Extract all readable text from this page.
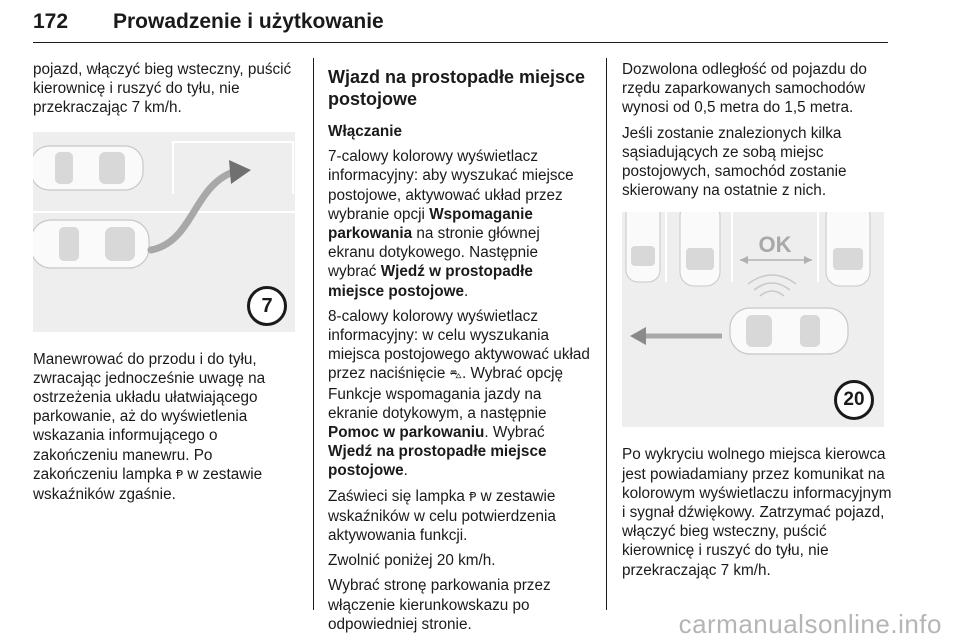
172 Prowadzenie i użytkowanie

pojazd, włączyć bieg wsteczny, puścić kierownicę i ruszyć do tyłu, nie przekraczając 7 km/h.

7

Manewrować do przodu i do tyłu, zwracając jednocześnie uwagę na ostrzeżenia układu ułatwiającego parkowanie, aż do wyświetlenia wskazania informującego o zakończeniu manewru. Po zakończeniu lampka Ᵽ w zestawie wskaźników zgaśnie.

Wjazd na prostopadłe miejsce postojowe

Włączanie

7-calowy kolorowy wyświetlacz informacyjny: aby wyszukać miejsce postojowe, aktywować układ przez wybranie opcji Wspomaganie parkowania na stronie głównej ekranu dotykowego. Następnie wybrać Wjedź w prostopadłe miejsce postojowe.

8-calowy kolorowy wyświetlacz informacyjny: w celu wyszukania miejsca postojowego aktywować układ przez naciśnięcie ⛍. Wybrać opcję Funkcje wspomagania jazdy na ekranie dotykowym, a następnie Pomoc w parkowaniu. Wybrać Wjedź na prostopadłe miejsce postojowe.

Zaświeci się lampka Ᵽ w zestawie wskaźników w celu potwierdzenia aktywowania funkcji.

Zwolnić poniżej 20 km/h.

Wybrać stronę parkowania przez włączenie kierunkowskazu po odpowiedniej stronie.

Dozwolona odległość od pojazdu do rzędu zaparkowanych samochodów wynosi od 0,5 metra do 1,5 metra.

Jeśli zostanie znalezionych kilka sąsiadujących ze sobą miejsc postojowych, samochód zostanie skierowany na ostatnie z nich.

OK
20

Po wykryciu wolnego miejsca kierowca jest powiadamiany przez komunikat na kolorowym wyświetlaczu informacyjnym i sygnał dźwiękowy. Zatrzymać pojazd, włączyć bieg wsteczny, puścić kierownicę i ruszyć do tyłu, nie przekraczając 7 km/h.

carmanualsonline.info
